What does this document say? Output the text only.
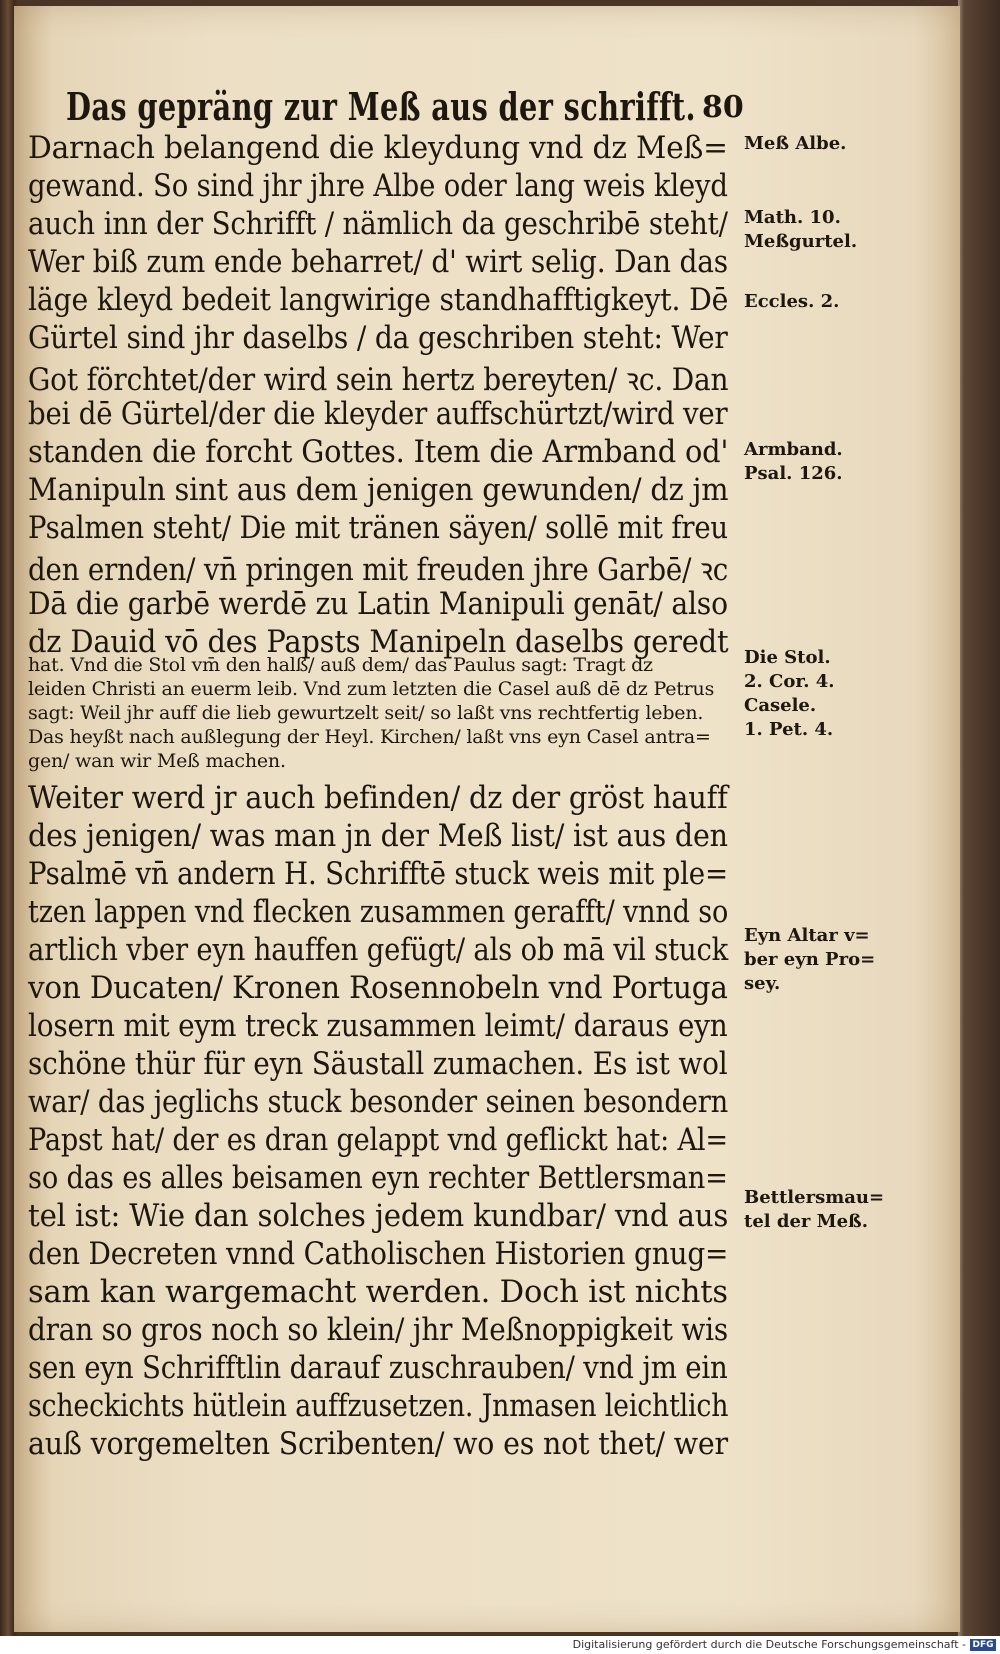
Das gepräng zur Meß aus der schrifft. 80
Darnach belangend die kleydung vnd dz Meß=
gewand. So sind jhr jhre Albe oder lang weis kleyd
auch inn der Schrifft / nämlich da geschribē steht/
Wer biß zum ende beharret/ d' wirt selig. Dan das
läge kleyd bedeit langwirige standhafftigkeyt. Dē
Gürtel sind jhr daselbs / da geschriben steht: Wer
Got förchtet/der wird sein hertz bereyten/ ꝛc. Dan
bei dē Gürtel/der die kleyder auffschürtzt/wird ver
standen die forcht Gottes. Item die Armband od'
Manipuln sint aus dem jenigen gewunden/ dz jm
Psalmen steht/ Die mit tränen säyen/ sollē mit freu
den ernden/ vn̄ pringen mit freuden jhre Garbē/ ꝛc
Dā die garbē werdē zu Latin Manipuli genāt/ also
dz Dauid vō des Papsts Manipeln daselbs geredt
hat. Vnd die Stol vm̄ den halß/ auß dem/ das Paulus sagt: Tragt dz
leiden Christi an euerm leib. Vnd zum letzten die Casel auß dē dz Petrus
sagt: Weil jhr auff die lieb gewurtzelt seit/ so laßt vns rechtfertig leben.
Das heyßt nach außlegung der Heyl. Kirchen/ laßt vns eyn Casel antra=
gen/ wan wir Meß machen.
Weiter werd jr auch befinden/ dz der gröst hauff
des jenigen/ was man jn der Meß list/ ist aus den
Psalmē vn̄ andern H. Schrifftē stuck weis mit ple=
tzen lappen vnd flecken zusammen gerafft/ vnnd so
artlich vber eyn hauffen gefügt/ als ob mā vil stuck
von Ducaten/ Kronen Rosennobeln vnd Portuga
losern mit eym treck zusammen leimt/ daraus eyn
schöne thür für eyn Säustall zumachen. Es ist wol
war/ das jeglichs stuck besonder seinen besondern
Papst hat/ der es dran gelappt vnd geflickt hat: Al=
so das es alles beisamen eyn rechter Bettlersman=
tel ist: Wie dan solches jedem kundbar/ vnd aus
den Decreten vnnd Catholischen Historien gnug=
sam kan wargemacht werden. Doch ist nichts
dran so gros noch so klein/ jhr Meßnoppigkeit wis
sen eyn Schrifftlin darauf zuschrauben/ vnd jm ein
scheckichts hütlein auffzusetzen. Jnmasen leichtlich
auß vorgemelten Scribenten/ wo es not thet/ wer
Meß Albe.
Math. 10.
Meßgurtel.
Eccles. 2.
Armband.
Psal. 126.
Die Stol.
2. Cor. 4.
Casele.
1. Pet. 4.
Eyn Altar v=
ber eyn Pro=
sey.
Bettlersmau=
tel der Meß.
Digitalisierung gefördert durch die Deutsche Forschungsgemeinschaft - DFG
